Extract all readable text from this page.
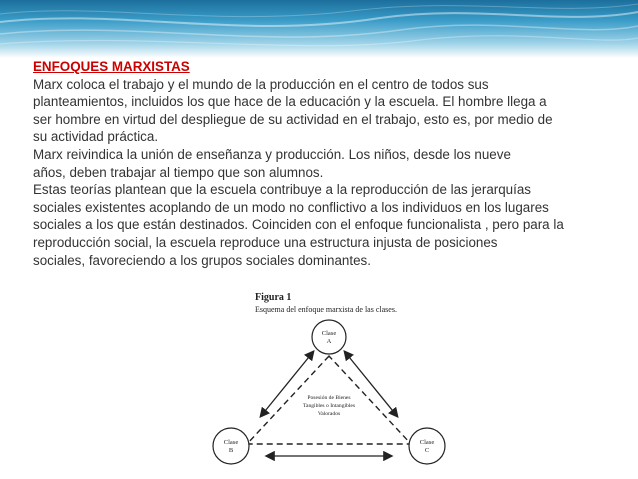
ENFOQUES MARXISTAS

Marx coloca el trabajo y el mundo de la producción en el centro de todos sus

planteamientos, incluidos los que hace de la educación y la escuela. El hombre llega a

ser hombre en virtud del despliegue de su actividad en el trabajo, esto es, por medio de

su actividad práctica.

Marx reivindica la unión de enseñanza y producción. Los niños, desde los nueve

años, deben trabajar al tiempo que son alumnos.

Estas teorías plantean que la escuela contribuye a la reproducción de las jerarquías

sociales existentes acoplando de un modo no conflictivo a los individuos en los lugares

sociales a los que están destinados. Coinciden con el enfoque funcionalista , pero para la

reproducción social, la escuela reproduce una estructura injusta de posiciones

sociales, favoreciendo a los grupos sociales dominantes.

Figura 1
Esquema del enfoque marxista de las clases.
Clase
A
Clase
B
Clase
C
Posesión de Bienes
Tangibles o Intangibles
Valorados
